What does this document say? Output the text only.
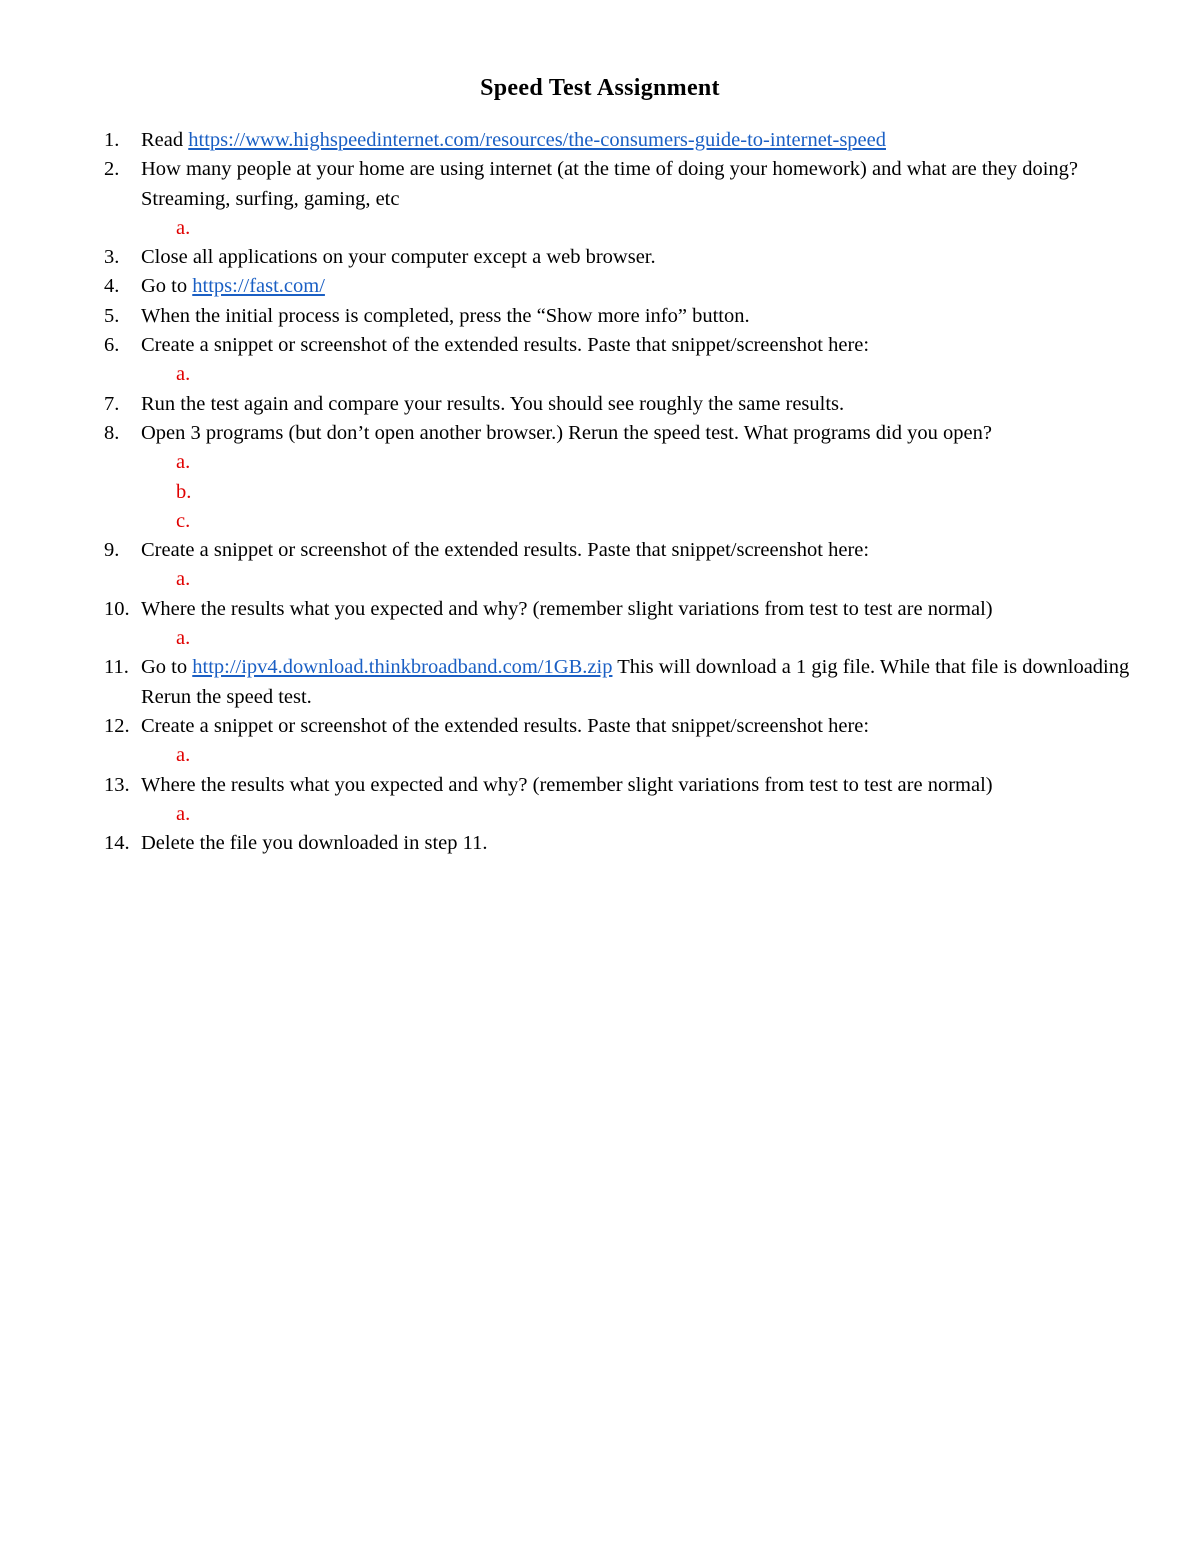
Speed Test Assignment
1. Read https://www.highspeedinternet.com/resources/the-consumers-guide-to-internet-speed
2. How many people at your home are using internet (at the time of doing your homework) and what are they doing? Streaming, surfing, gaming, etc
a.
3. Close all applications on your computer except a web browser.
4. Go to https://fast.com/
5. When the initial process is completed, press the “Show more info” button.
6. Create a snippet or screenshot of the extended results. Paste that snippet/screenshot here:
a.
7. Run the test again and compare your results. You should see roughly the same results.
8. Open 3 programs (but don’t open another browser.) Rerun the speed test. What programs did you open?
a.
b.
c.
9. Create a snippet or screenshot of the extended results. Paste that snippet/screenshot here:
a.
10. Where the results what you expected and why? (remember slight variations from test to test are normal)
a.
11. Go to http://ipv4.download.thinkbroadband.com/1GB.zip This will download a 1 gig file. While that file is downloading Rerun the speed test.
12. Create a snippet or screenshot of the extended results. Paste that snippet/screenshot here:
a.
13. Where the results what you expected and why? (remember slight variations from test to test are normal)
a.
14. Delete the file you downloaded in step 11.
